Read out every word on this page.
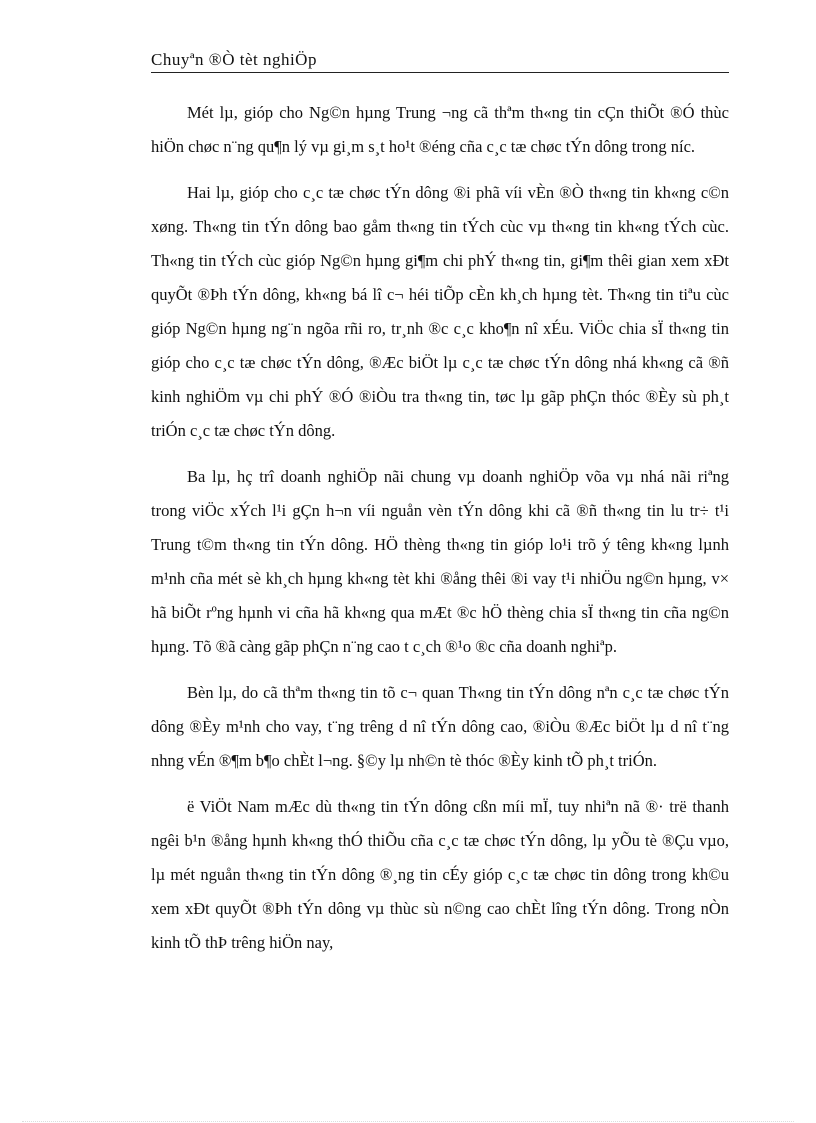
Chuyªn ®Ò tèt nghiÖp

Mét lµ, gióp cho Ng©n hµng Trung ¬ng cã thªm th«ng tin cÇn thiÕt ®Ó thùc hiÖn chøc n¨ng qu¶n lý vµ gi¸m s¸t ho¹t ®éng cña c¸c tæ chøc tÝn dông trong níc.

Hai lµ, gióp cho c¸c tæ chøc tÝn dông ®i phã víi vÈn ®Ò th«ng tin kh«ng c©n xøng. Th«ng tin tÝn dông bao gåm th«ng tin tÝch cùc vµ th«ng tin kh«ng tÝch cùc. Th«ng tin tÝch cùc gióp Ng©n hµng gi¶m chi phÝ th«ng tin, gi¶m thêi gian xem xÐt quyÕt ®Þh tÝn dông, kh«ng bá lî c¬ héi tiÕp cÈn kh¸ch hµng tèt. Th«ng tin tiªu cùc gióp Ng©n hµng ng¨n ngõa rñi ro, tr¸nh ®c c¸c kho¶n nî xÉu. ViÖc chia sÏ th«ng tin gióp cho c¸c tæ chøc tÝn dông, ®Æc biÖt lµ c¸c tæ chøc tÝn dông nhá kh«ng cã ®ñ kinh nghiÖm vµ chi phÝ ®Ó ®iÒu tra th«ng tin, tøc lµ gãp phÇn thóc ®Èy sù ph¸t triÓn c¸c tæ chøc tÝn dông.

Ba lµ, hç trî doanh nghiÖp nãi chung vµ doanh nghiÖp võa vµ nhá nãi riªng trong viÖc xÝch l¹i gÇn h¬n víi nguån vèn tÝn dông khi cã ®ñ th«ng tin lu tr÷ t¹i Trung t©m th«ng tin tÝn dông. HÖ thèng th«ng tin gióp lo¹i trõ ý têng kh«ng lµnh m¹nh cña mét sè kh¸ch hµng kh«ng tèt khi ®ång thêi ®i vay t¹i nhiÖu ng©n hµng, v× hã biÕt rºng hµnh vi cña hã kh«ng qua mÆt ®c hÖ thèng chia sÏ th«ng tin cña ng©n hµng. Tõ ®ã càng gãp phÇn n¨ng cao t c¸ch ®¹o ®c cña doanh nghiªp.

Bèn lµ, do cã thªm th«ng tin tõ c¬ quan Th«ng tin tÝn dông nªn c¸c tæ chøc tÝn dông ®Èy m¹nh cho vay, t¨ng trêng d nî tÝn dông cao, ®iÒu ®Æc biÖt lµ d nî t¨ng nhng vÉn ®¶m b¶o chÈt l¬ng. §©y lµ nh©n tè thóc ®Èy kinh tÕ ph¸t triÓn.

ë ViÖt Nam mÆc dù th«ng tin tÝn dông cßn míi mÏ, tuy nhiªn nã ®· trë thanh ngêi b¹n ®ång hµnh kh«ng thÓ thiÕu cña c¸c tæ chøc tÝn dông, lµ yÕu tè ®Çu vµo, lµ mét nguån th«ng tin tÝn dông ®¸ng tin cÉy gióp c¸c tæ chøc tin dông trong kh©u xem xÐt quyÕt ®Þh tÝn dông vµ thùc sù n©ng cao chÈt lîng tÝn dông. Trong nÒn kinh tÕ thÞ trêng hiÖn nay,
